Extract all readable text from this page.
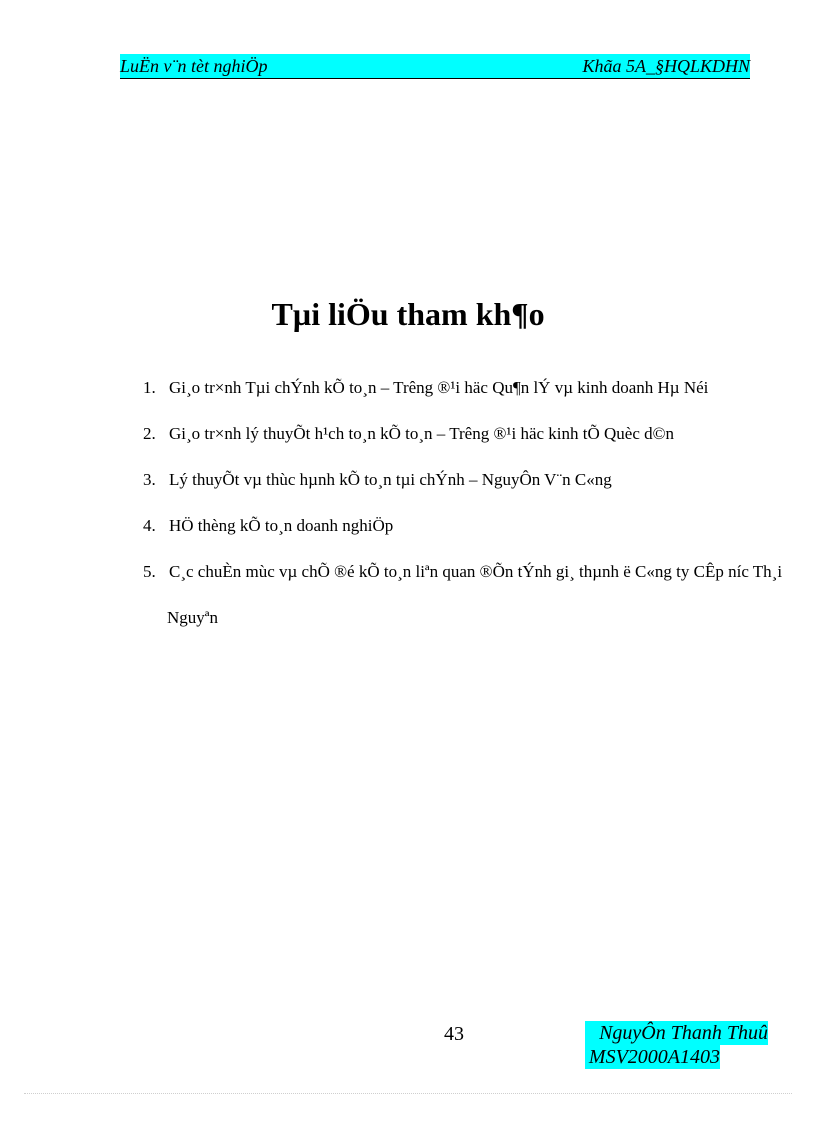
LuËn v¨n tèt nghiÖp	Khãa 5A_§HQLKDHN
Tµi liÖu tham kh¶o
1. Gi¸o tr×nh Tµi chÝnh kÕ to¸n – Trêng ®¹i häc Qu¶n lÝ vµ kinh doanh Hµ Néi
2. Gi¸o tr×nh lý thuyÕt h¹ch to¸n kÕ to¸n – Trêng ®¹i häc kinh tÕ Quèc d©n
3. Lý thuyÕt vµ thùc hµnh kÕ to¸n tµi chÝnh – NguyÔn V¨n C«ng
4. HÖ thèng kÕ to¸n doanh nghiÖp
5. C¸c chuÈn mùc vµ chÕ ®é kÕ to¸n liªn quan ®Õn tÝnh gi¸ thµnh ë C«ng ty CÊp níc Th¸i
Nguyªn
43	NguyÔn Thanh Thuû
MSV2000A1403
